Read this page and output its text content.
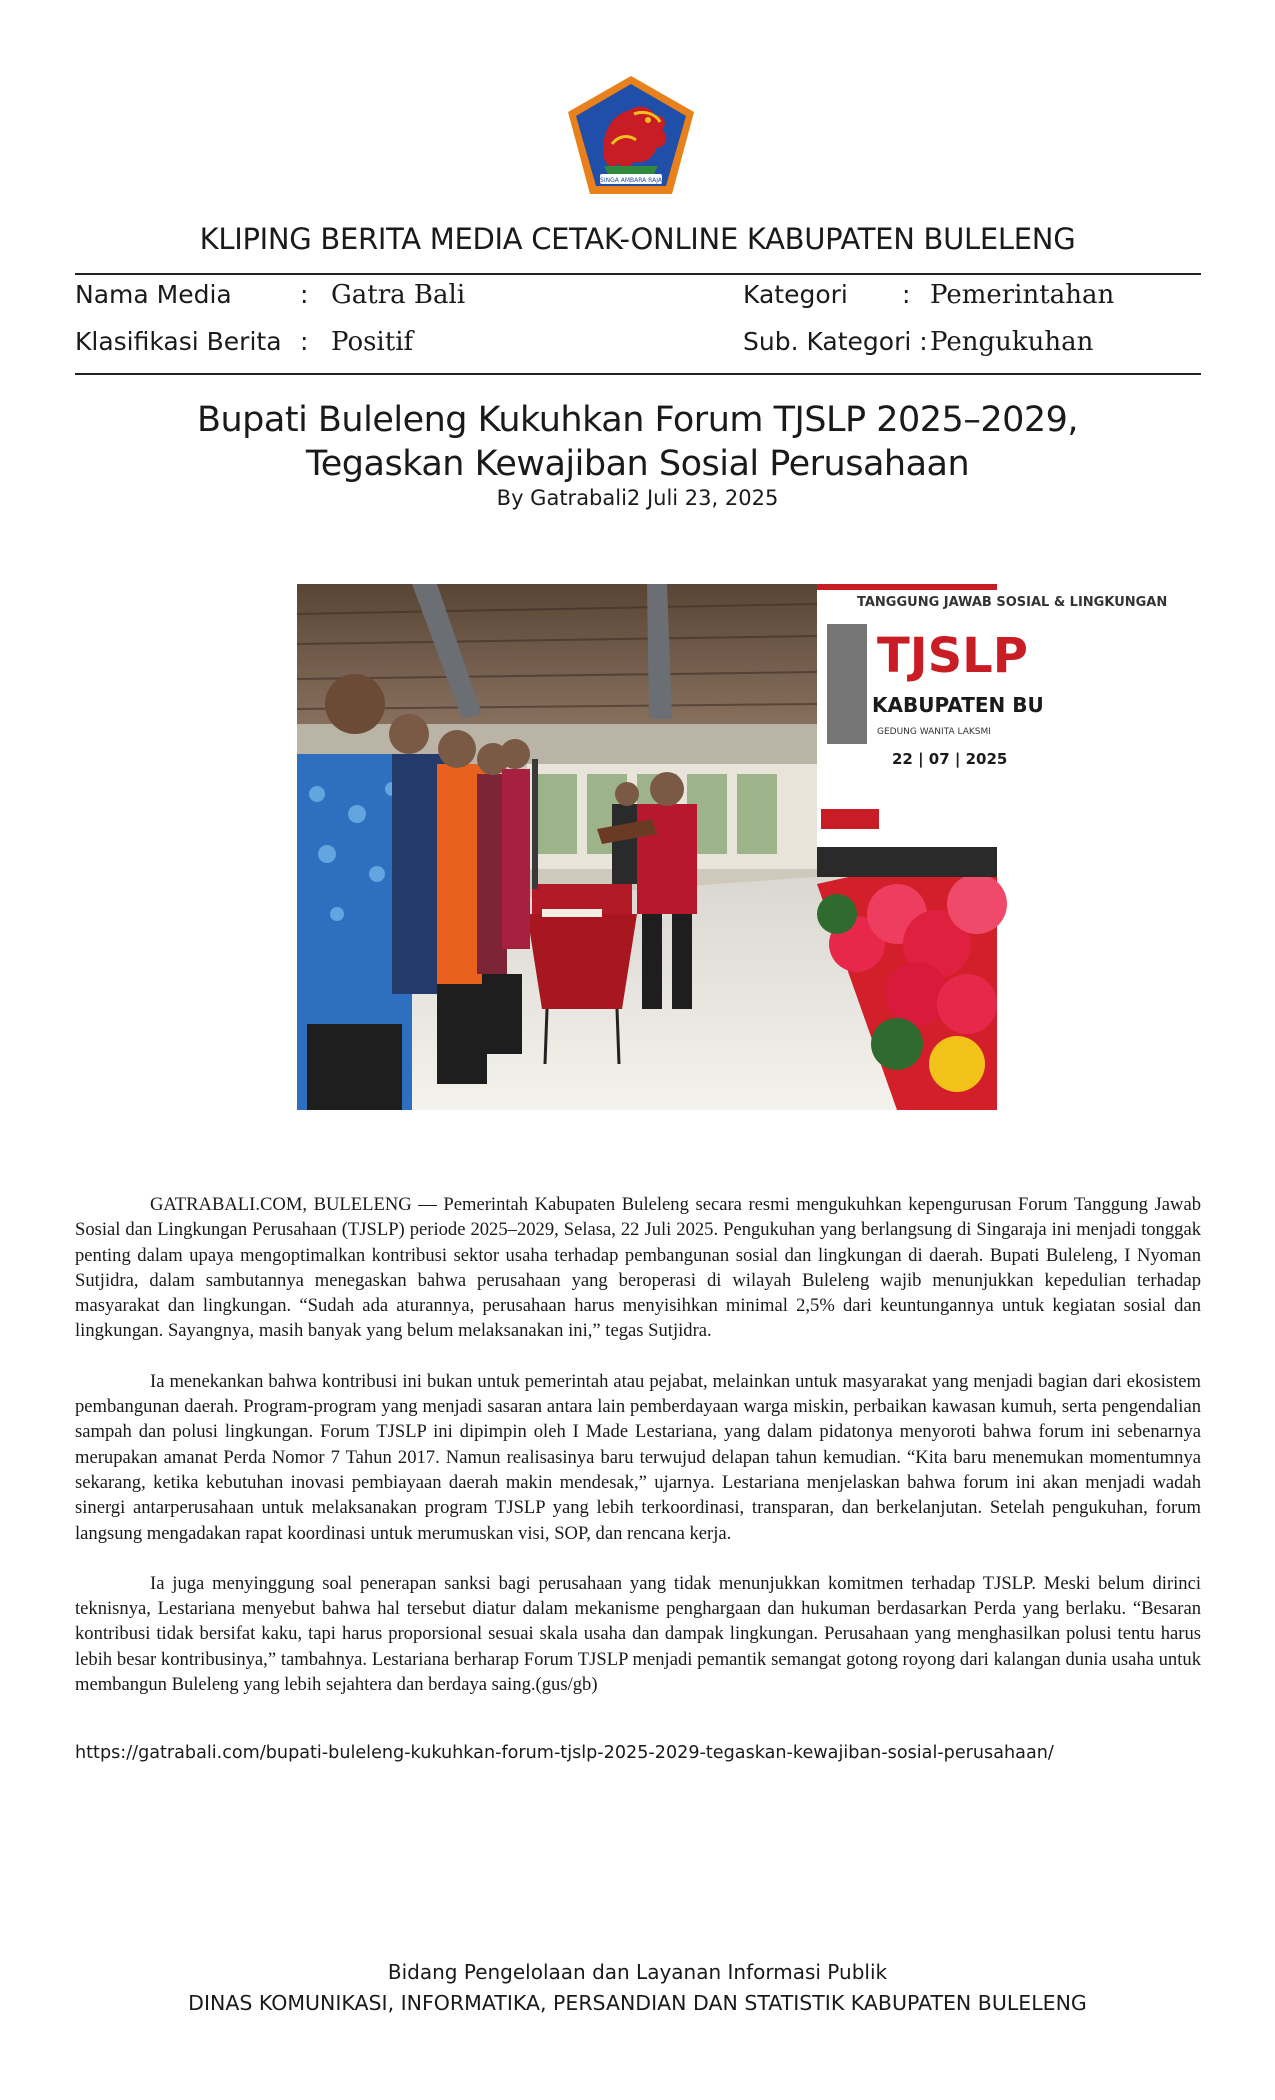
SINGA AMBARA RAJA
KLIPING BERITA MEDIA CETAK-ONLINE KABUPATEN BULELENG
Nama Media	: Gatra Bali	Kategori : Pemerintahan
Klasifikasi Berita : Positif	Sub. Kategori : Pengukuhan
Bupati Buleleng Kukuhkan Forum TJSLP 2025–2029,
Tegaskan Kewajiban Sosial Perusahaan
By Gatrabali2 Juli 23, 2025
TANGGUNG JAWAB SOSIAL & LINGKUNGAN
TJSLP
KABUPATEN BU
GEDUNG WANITA LAKSMI
22 | 07 | 2025

GATRABALI.COM, BULELENG — Pemerintah Kabupaten Buleleng secara resmi mengukuhkan kepengurusan Forum Tanggung Jawab Sosial dan Lingkungan Perusahaan (TJSLP) periode 2025–2029, Selasa, 22 Juli 2025. Pengukuhan yang berlangsung di Singaraja ini menjadi tonggak penting dalam upaya mengoptimalkan kontribusi sektor usaha terhadap pembangunan sosial dan lingkungan di daerah. Bupati Buleleng, I Nyoman Sutjidra, dalam sambutannya menegaskan bahwa perusahaan yang beroperasi di wilayah Buleleng wajib menunjukkan kepedulian terhadap masyarakat dan lingkungan. “Sudah ada aturannya, perusahaan harus menyisihkan minimal 2,5% dari keuntungannya untuk kegiatan sosial dan lingkungan. Sayangnya, masih banyak yang belum melaksanakan ini,” tegas Sutjidra.

Ia menekankan bahwa kontribusi ini bukan untuk pemerintah atau pejabat, melainkan untuk masyarakat yang menjadi bagian dari ekosistem pembangunan daerah. Program-program yang menjadi sasaran antara lain pemberdayaan warga miskin, perbaikan kawasan kumuh, serta pengendalian sampah dan polusi lingkungan. Forum TJSLP ini dipimpin oleh I Made Lestariana, yang dalam pidatonya menyoroti bahwa forum ini sebenarnya merupakan amanat Perda Nomor 7 Tahun 2017. Namun realisasinya baru terwujud delapan tahun kemudian. “Kita baru menemukan momentumnya sekarang, ketika kebutuhan inovasi pembiayaan daerah makin mendesak,” ujarnya. Lestariana menjelaskan bahwa forum ini akan menjadi wadah sinergi antarperusahaan untuk melaksanakan program TJSLP yang lebih terkoordinasi, transparan, dan berkelanjutan. Setelah pengukuhan, forum langsung mengadakan rapat koordinasi untuk merumuskan visi, SOP, dan rencana kerja.

Ia juga menyinggung soal penerapan sanksi bagi perusahaan yang tidak menunjukkan komitmen terhadap TJSLP. Meski belum dirinci teknisnya, Lestariana menyebut bahwa hal tersebut diatur dalam mekanisme penghargaan dan hukuman berdasarkan Perda yang berlaku. “Besaran kontribusi tidak bersifat kaku, tapi harus proporsional sesuai skala usaha dan dampak lingkungan. Perusahaan yang menghasilkan polusi tentu harus lebih besar kontribusinya,” tambahnya. Lestariana berharap Forum TJSLP menjadi pemantik semangat gotong royong dari kalangan dunia usaha untuk membangun Buleleng yang lebih sejahtera dan berdaya saing.(gus/gb)

https://gatrabali.com/bupati-buleleng-kukuhkan-forum-tjslp-2025-2029-tegaskan-kewajiban-sosial-perusahaan/
Bidang Pengelolaan dan Layanan Informasi Publik
DINAS KOMUNIKASI, INFORMATIKA, PERSANDIAN DAN STATISTIK KABUPATEN BULELENG
